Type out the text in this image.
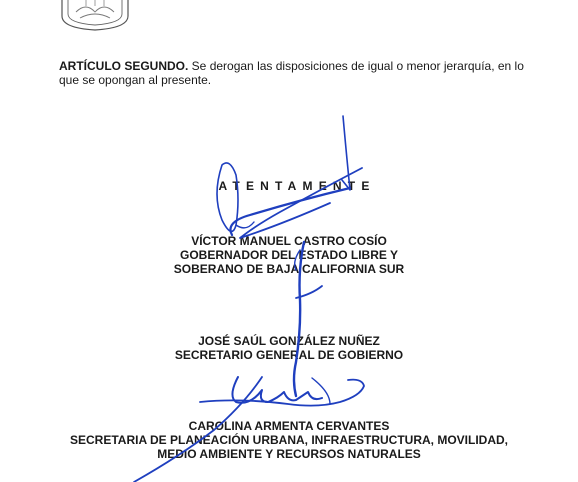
ARTÍCULO SEGUNDO. Se derogan las disposiciones de igual o menor jerarquía, en lo que se opongan al presente.
ATENTAMENTE
VÍCTOR MANUEL CASTRO COSÍO
GOBERNADOR DEL ESTADO LIBRE Y
SOBERANO DE BAJA CALIFORNIA SUR
JOSÉ SAÚL GONZÁLEZ NUÑEZ
SECRETARIO GENERAL DE GOBIERNO
CAROLINA ARMENTA CERVANTES
SECRETARIA DE PLANEACIÓN URBANA, INFRAESTRUCTURA, MOVILIDAD,
MEDIO AMBIENTE Y RECURSOS NATURALES
